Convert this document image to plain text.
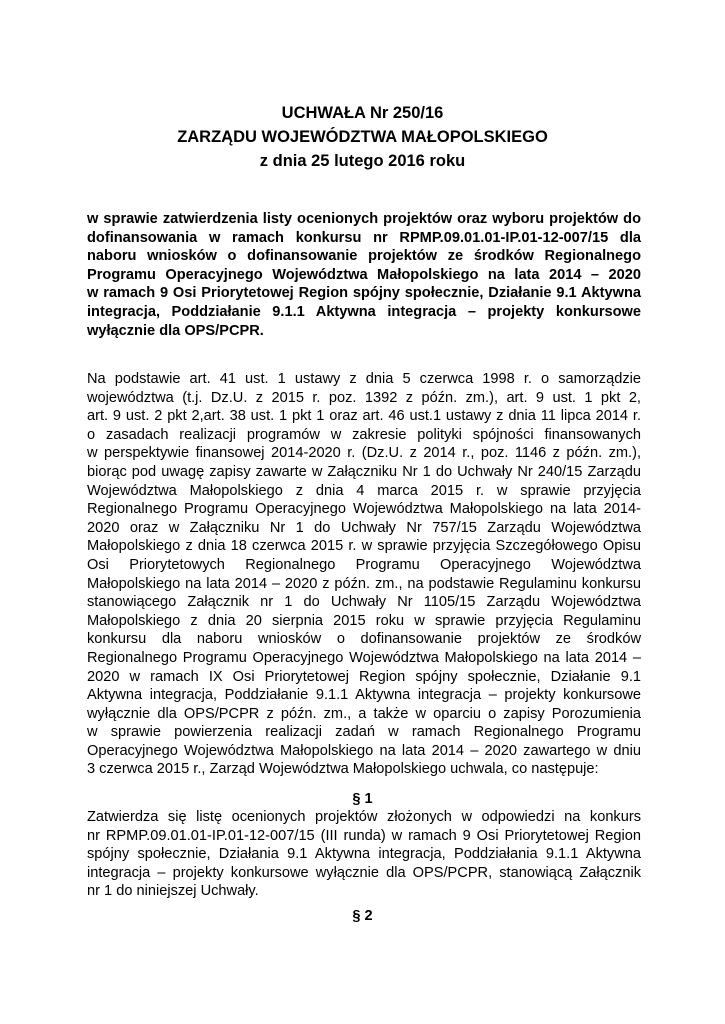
UCHWAŁA Nr 250/16
ZARZĄDU WOJEWÓDZTWA MAŁOPOLSKIEGO
z dnia 25 lutego 2016 roku
w sprawie zatwierdzenia listy ocenionych projektów oraz wyboru projektów do
dofinansowania w ramach konkursu nr RPMP.09.01.01-IP.01-12-007/15 dla
naboru wniosków o dofinansowanie projektów ze środków Regionalnego
Programu Operacyjnego Województwa Małopolskiego na lata 2014 – 2020
w ramach 9 Osi Priorytetowej Region spójny społecznie, Działanie 9.1 Aktywna
integracja, Poddziałanie 9.1.1 Aktywna integracja – projekty konkursowe
wyłącznie dla OPS/PCPR.
Na podstawie art. 41 ust. 1 ustawy z dnia 5 czerwca 1998 r. o samorządzie
województwa (t.j. Dz.U. z 2015 r. poz. 1392 z późn. zm.), art. 9 ust. 1 pkt 2,
art. 9 ust. 2 pkt 2,art. 38 ust. 1 pkt 1 oraz art. 46 ust.1 ustawy z dnia 11 lipca 2014 r.
o zasadach realizacji programów w zakresie polityki spójności finansowanych
w perspektywie finansowej 2014-2020 r. (Dz.U. z 2014 r., poz. 1146 z późn. zm.),
biorąc pod uwagę zapisy zawarte w Załączniku Nr 1 do Uchwały Nr 240/15 Zarządu
Województwa Małopolskiego z dnia 4 marca 2015 r. w sprawie przyjęcia
Regionalnego Programu Operacyjnego Województwa Małopolskiego na lata 2014-
2020 oraz w Załączniku Nr 1 do Uchwały Nr 757/15 Zarządu Województwa
Małopolskiego z dnia 18 czerwca 2015 r. w sprawie przyjęcia Szczegółowego Opisu
Osi Priorytetowych Regionalnego Programu Operacyjnego Województwa
Małopolskiego na lata 2014 – 2020 z późn. zm., na podstawie Regulaminu konkursu
stanowiącego Załącznik nr 1 do Uchwały Nr 1105/15 Zarządu Województwa
Małopolskiego z dnia 20 sierpnia 2015 roku w sprawie przyjęcia Regulaminu
konkursu dla naboru wniosków o dofinansowanie projektów ze środków
Regionalnego Programu Operacyjnego Województwa Małopolskiego na lata 2014 –
2020 w ramach IX Osi Priorytetowej Region spójny społecznie, Działanie 9.1
Aktywna integracja, Poddziałanie 9.1.1 Aktywna integracja – projekty konkursowe
wyłącznie dla OPS/PCPR z późn. zm., a także w oparciu o zapisy Porozumienia
w sprawie powierzenia realizacji zadań w ramach Regionalnego Programu
Operacyjnego Województwa Małopolskiego na lata 2014 – 2020 zawartego w dniu
3 czerwca 2015 r., Zarząd Województwa Małopolskiego uchwala, co następuje:
§ 1
Zatwierdza się listę ocenionych projektów złożonych w odpowiedzi na konkurs
nr RPMP.09.01.01-IP.01-12-007/15 (III runda) w ramach 9 Osi Priorytetowej Region
spójny społecznie, Działania 9.1 Aktywna integracja, Poddziałania 9.1.1 Aktywna
integracja – projekty konkursowe wyłącznie dla OPS/PCPR, stanowiącą Załącznik
nr 1 do niniejszej Uchwały.
§ 2
